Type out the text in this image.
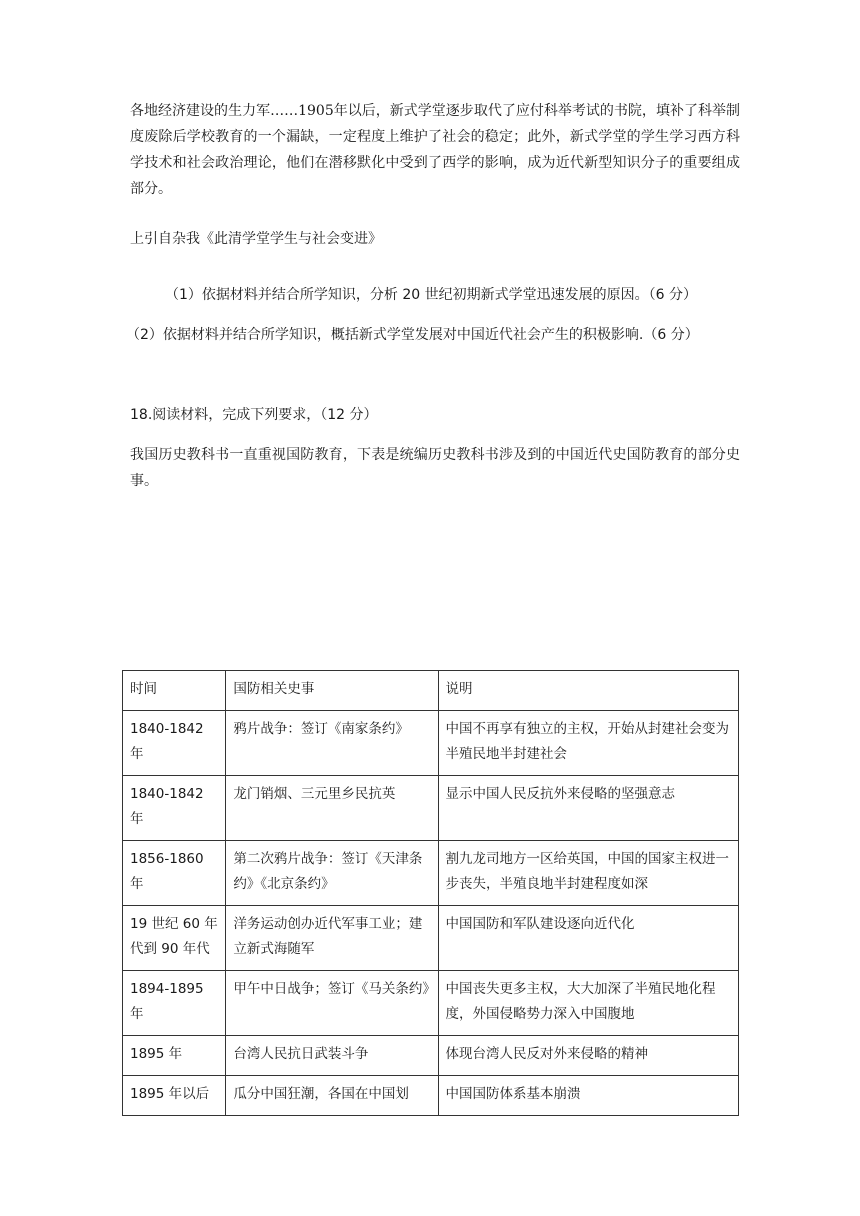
各地经济建设的生力军……1905年以后，新式学堂逐步取代了应付科举考试的书院，填补了科举制度废除后学校教育的一个漏缺，一定程度上维护了社会的稳定；此外，新式学堂的学生学习西方科学技术和社会政治理论，他们在潜移默化中受到了西学的影响，成为近代新型知识分子的重要组成部分。

上引自杂我《此清学堂学生与社会变进》

（1）依据材料并结合所学知识，分析 20 世纪初期新式学堂迅速发展的原因。（6 分）

（2）依据材料并结合所学知识，概括新式学堂发展对中国近代社会产生的积极影响.（6 分）

18.阅读材料，完成下列要求，（12 分）

我国历史教科书一直重视国防教育，下表是统编历史教科书涉及到的中国近代史国防教育的部分史事。

时间	国防相关史事	说明
1840-1842 年	鸦片战争：签订《南家条约》	中国不再享有独立的主权，开始从封建社会变为半殖民地半封建社会
1840-1842 年	龙门销烟、三元里乡民抗英	显示中国人民反抗外来侵略的坚强意志
1856-1860 年	第二次鸦片战争：签订《天津条约》《北京条约》	割九龙司地方一区给英国，中国的国家主权进一步丧失，半殖良地半封建程度如深
19 世纪 60 年代到 90 年代	洋务运动创办近代军事工业；建立新式海随军	中国国防和军队建设逐向近代化
1894-1895 年	甲午中日战争；签订《马关条约》	中国丧失更多主权，大大加深了半殖民地化程度，外国侵略势力深入中国腹地
1895 年	台湾人民抗日武装斗争	体现台湾人民反对外来侵略的精神
1895 年以后	瓜分中国狂潮，各国在中国划	中国国防体系基本崩溃
